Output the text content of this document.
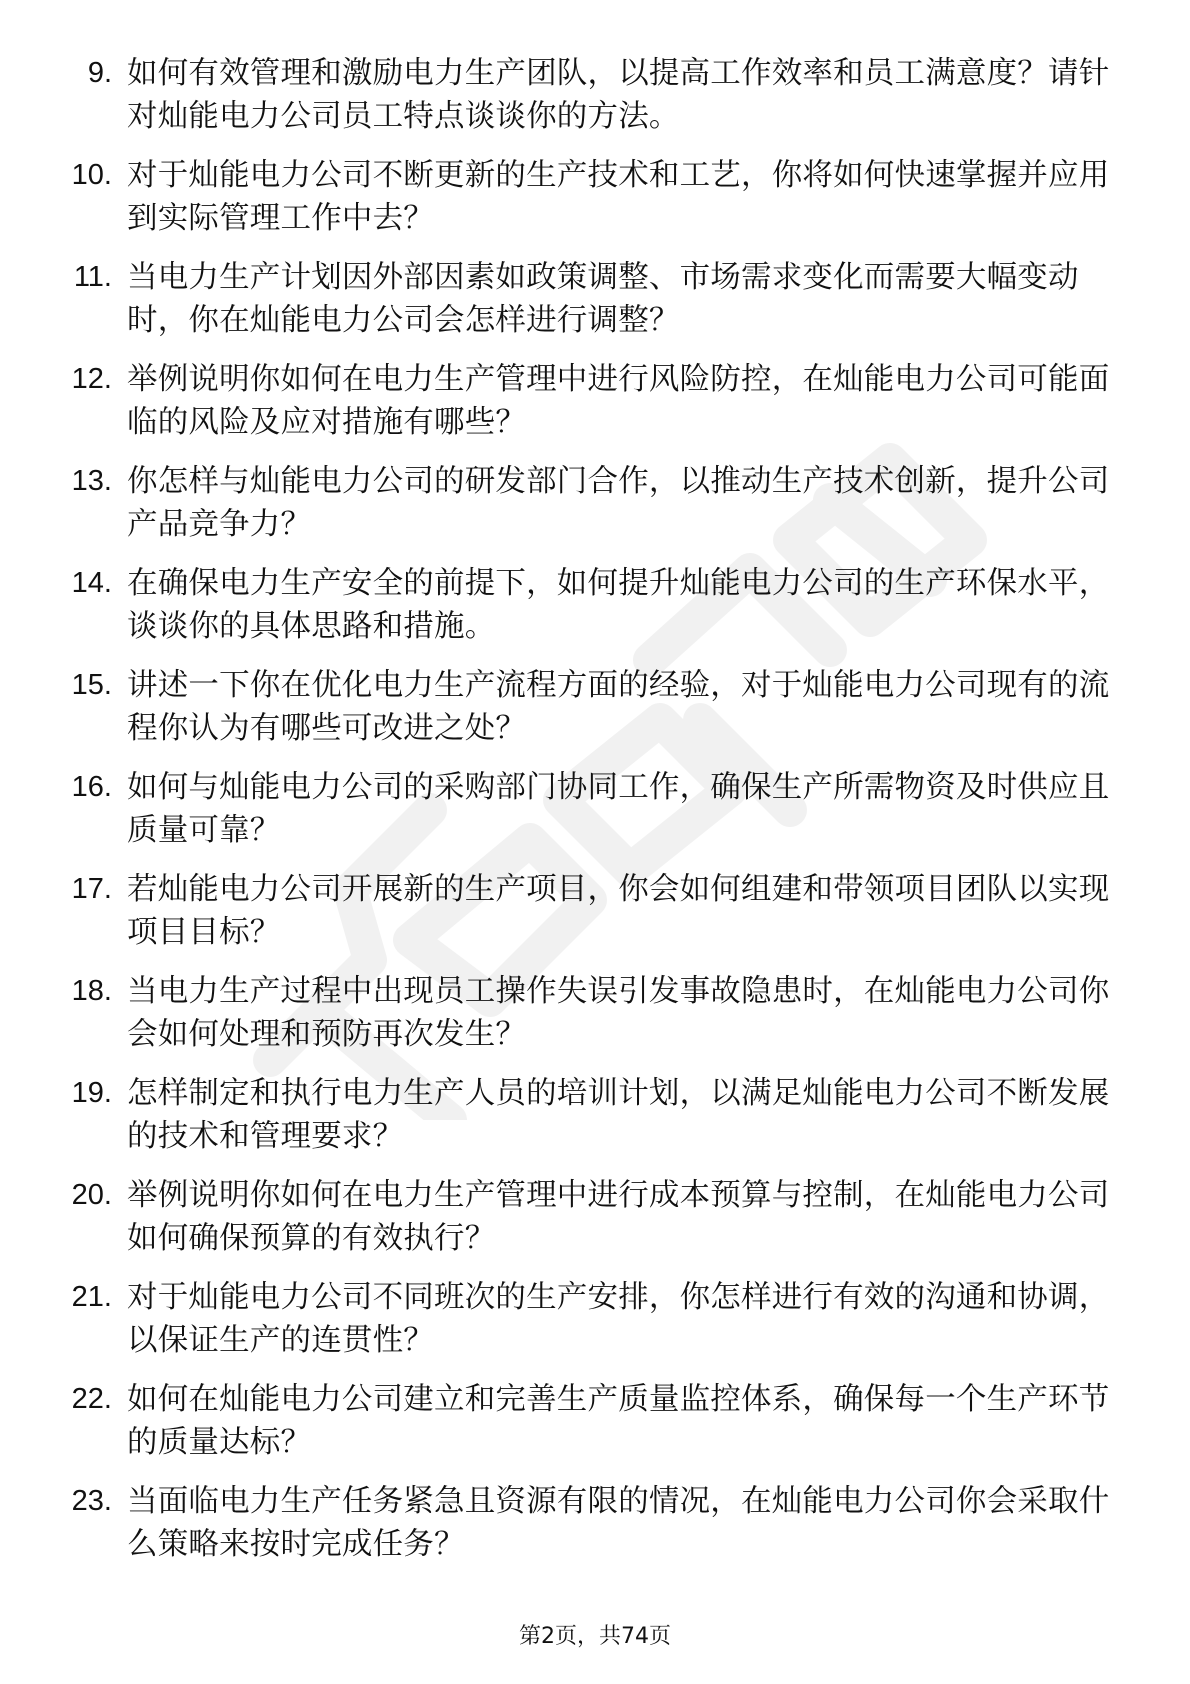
9. 如何有效管理和激励电力生产团队，以提高工作效率和员工满意度？请针对灿能电力公司员工特点谈谈你的方法。
10. 对于灿能电力公司不断更新的生产技术和工艺，你将如何快速掌握并应用到实际管理工作中去？
11. 当电力生产计划因外部因素如政策调整、市场需求变化而需要大幅变动时，你在灿能电力公司会怎样进行调整？
12. 举例说明你如何在电力生产管理中进行风险防控，在灿能电力公司可能面临的风险及应对措施有哪些？
13. 你怎样与灿能电力公司的研发部门合作，以推动生产技术创新，提升公司产品竞争力？
14. 在确保电力生产安全的前提下，如何提升灿能电力公司的生产环保水平，谈谈你的具体思路和措施。
15. 讲述一下你在优化电力生产流程方面的经验，对于灿能电力公司现有的流程你认为有哪些可改进之处？
16. 如何与灿能电力公司的采购部门协同工作，确保生产所需物资及时供应且质量可靠？
17. 若灿能电力公司开展新的生产项目，你会如何组建和带领项目团队以实现项目目标？
18. 当电力生产过程中出现员工操作失误引发事故隐患时，在灿能电力公司你会如何处理和预防再次发生？
19. 怎样制定和执行电力生产人员的培训计划，以满足灿能电力公司不断发展的技术和管理要求？
20. 举例说明你如何在电力生产管理中进行成本预算与控制，在灿能电力公司如何确保预算的有效执行？
21. 对于灿能电力公司不同班次的生产安排，你怎样进行有效的沟通和协调，以保证生产的连贯性？
22. 如何在灿能电力公司建立和完善生产质量监控体系，确保每一个生产环节的质量达标？
23. 当面临电力生产任务紧急且资源有限的情况，在灿能电力公司你会采取什么策略来按时完成任务？
第2页，共74页
